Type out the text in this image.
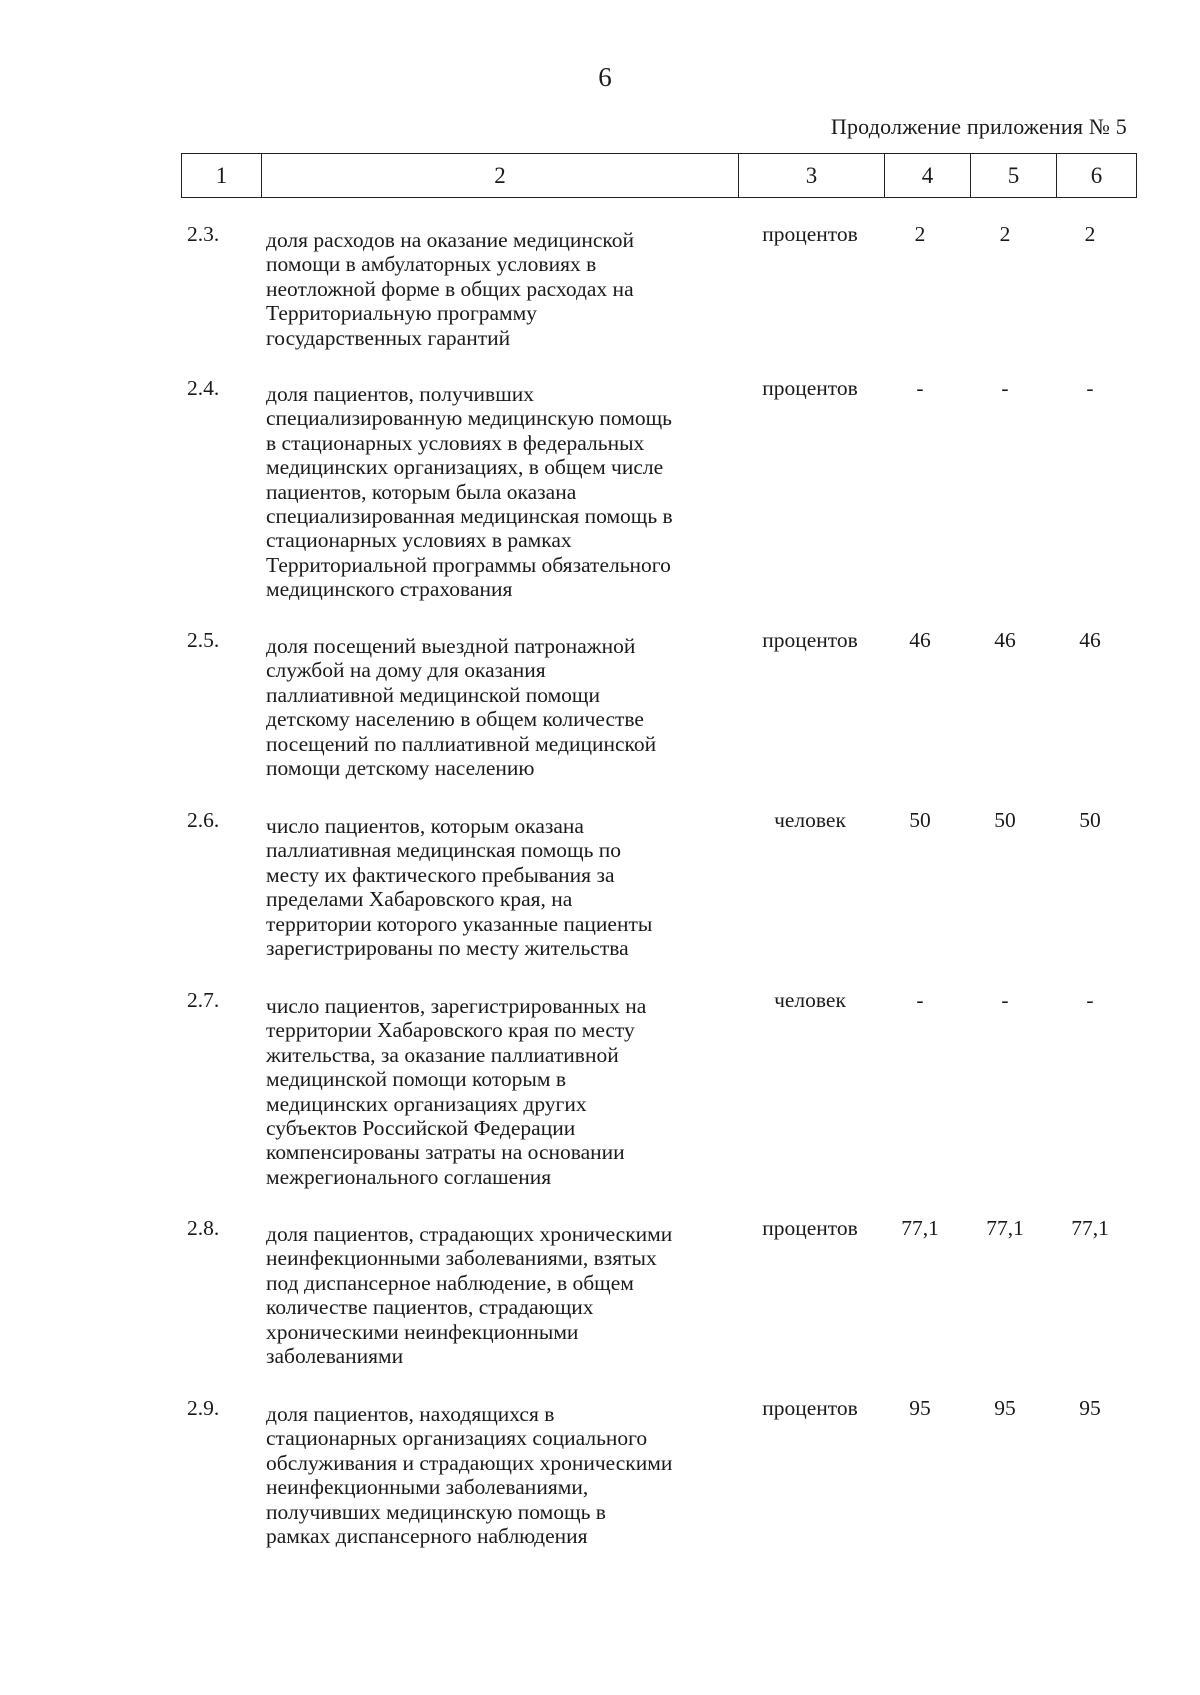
6
Продолжение приложения № 5
1	2	3	4	5	6
2.3. доля расходов на оказание медицинской
помощи в амбулаторных условиях в
неотложной форме в общих расходах на
Территориальную программу
государственных гарантий
процентов	2	2	2
2.4. доля пациентов, получивших
специализированную медицинскую помощь
в стационарных условиях в федеральных
медицинских организациях, в общем числе
пациентов, которым была оказана
специализированная медицинская помощь в
стационарных условиях в рамках
Территориальной программы обязательного
медицинского страхования
процентов	-	-	-
2.5. доля посещений выездной патронажной
службой на дому для оказания
паллиативной медицинской помощи
детскому населению в общем количестве
посещений по паллиативной медицинской
помощи детскому населению
процентов	46	46	46
2.6. число пациентов, которым оказана
паллиативная медицинская помощь по
месту их фактического пребывания за
пределами Хабаровского края, на
территории которого указанные пациенты
зарегистрированы по месту жительства
человек	50	50	50
2.7. число пациентов, зарегистрированных на
территории Хабаровского края по месту
жительства, за оказание паллиативной
медицинской помощи которым в
медицинских организациях других
субъектов Российской Федерации
компенсированы затраты на основании
межрегионального соглашения
человек	-	-	-
2.8. доля пациентов, страдающих хроническими
неинфекционными заболеваниями, взятых
под диспансерное наблюдение, в общем
количестве пациентов, страдающих
хроническими неинфекционными
заболеваниями
процентов	77,1	77,1	77,1
2.9. доля пациентов, находящихся в
стационарных организациях социального
обслуживания и страдающих хроническими
неинфекционными заболеваниями,
получивших медицинскую помощь в
рамках диспансерного наблюдения
процентов	95	95	95
